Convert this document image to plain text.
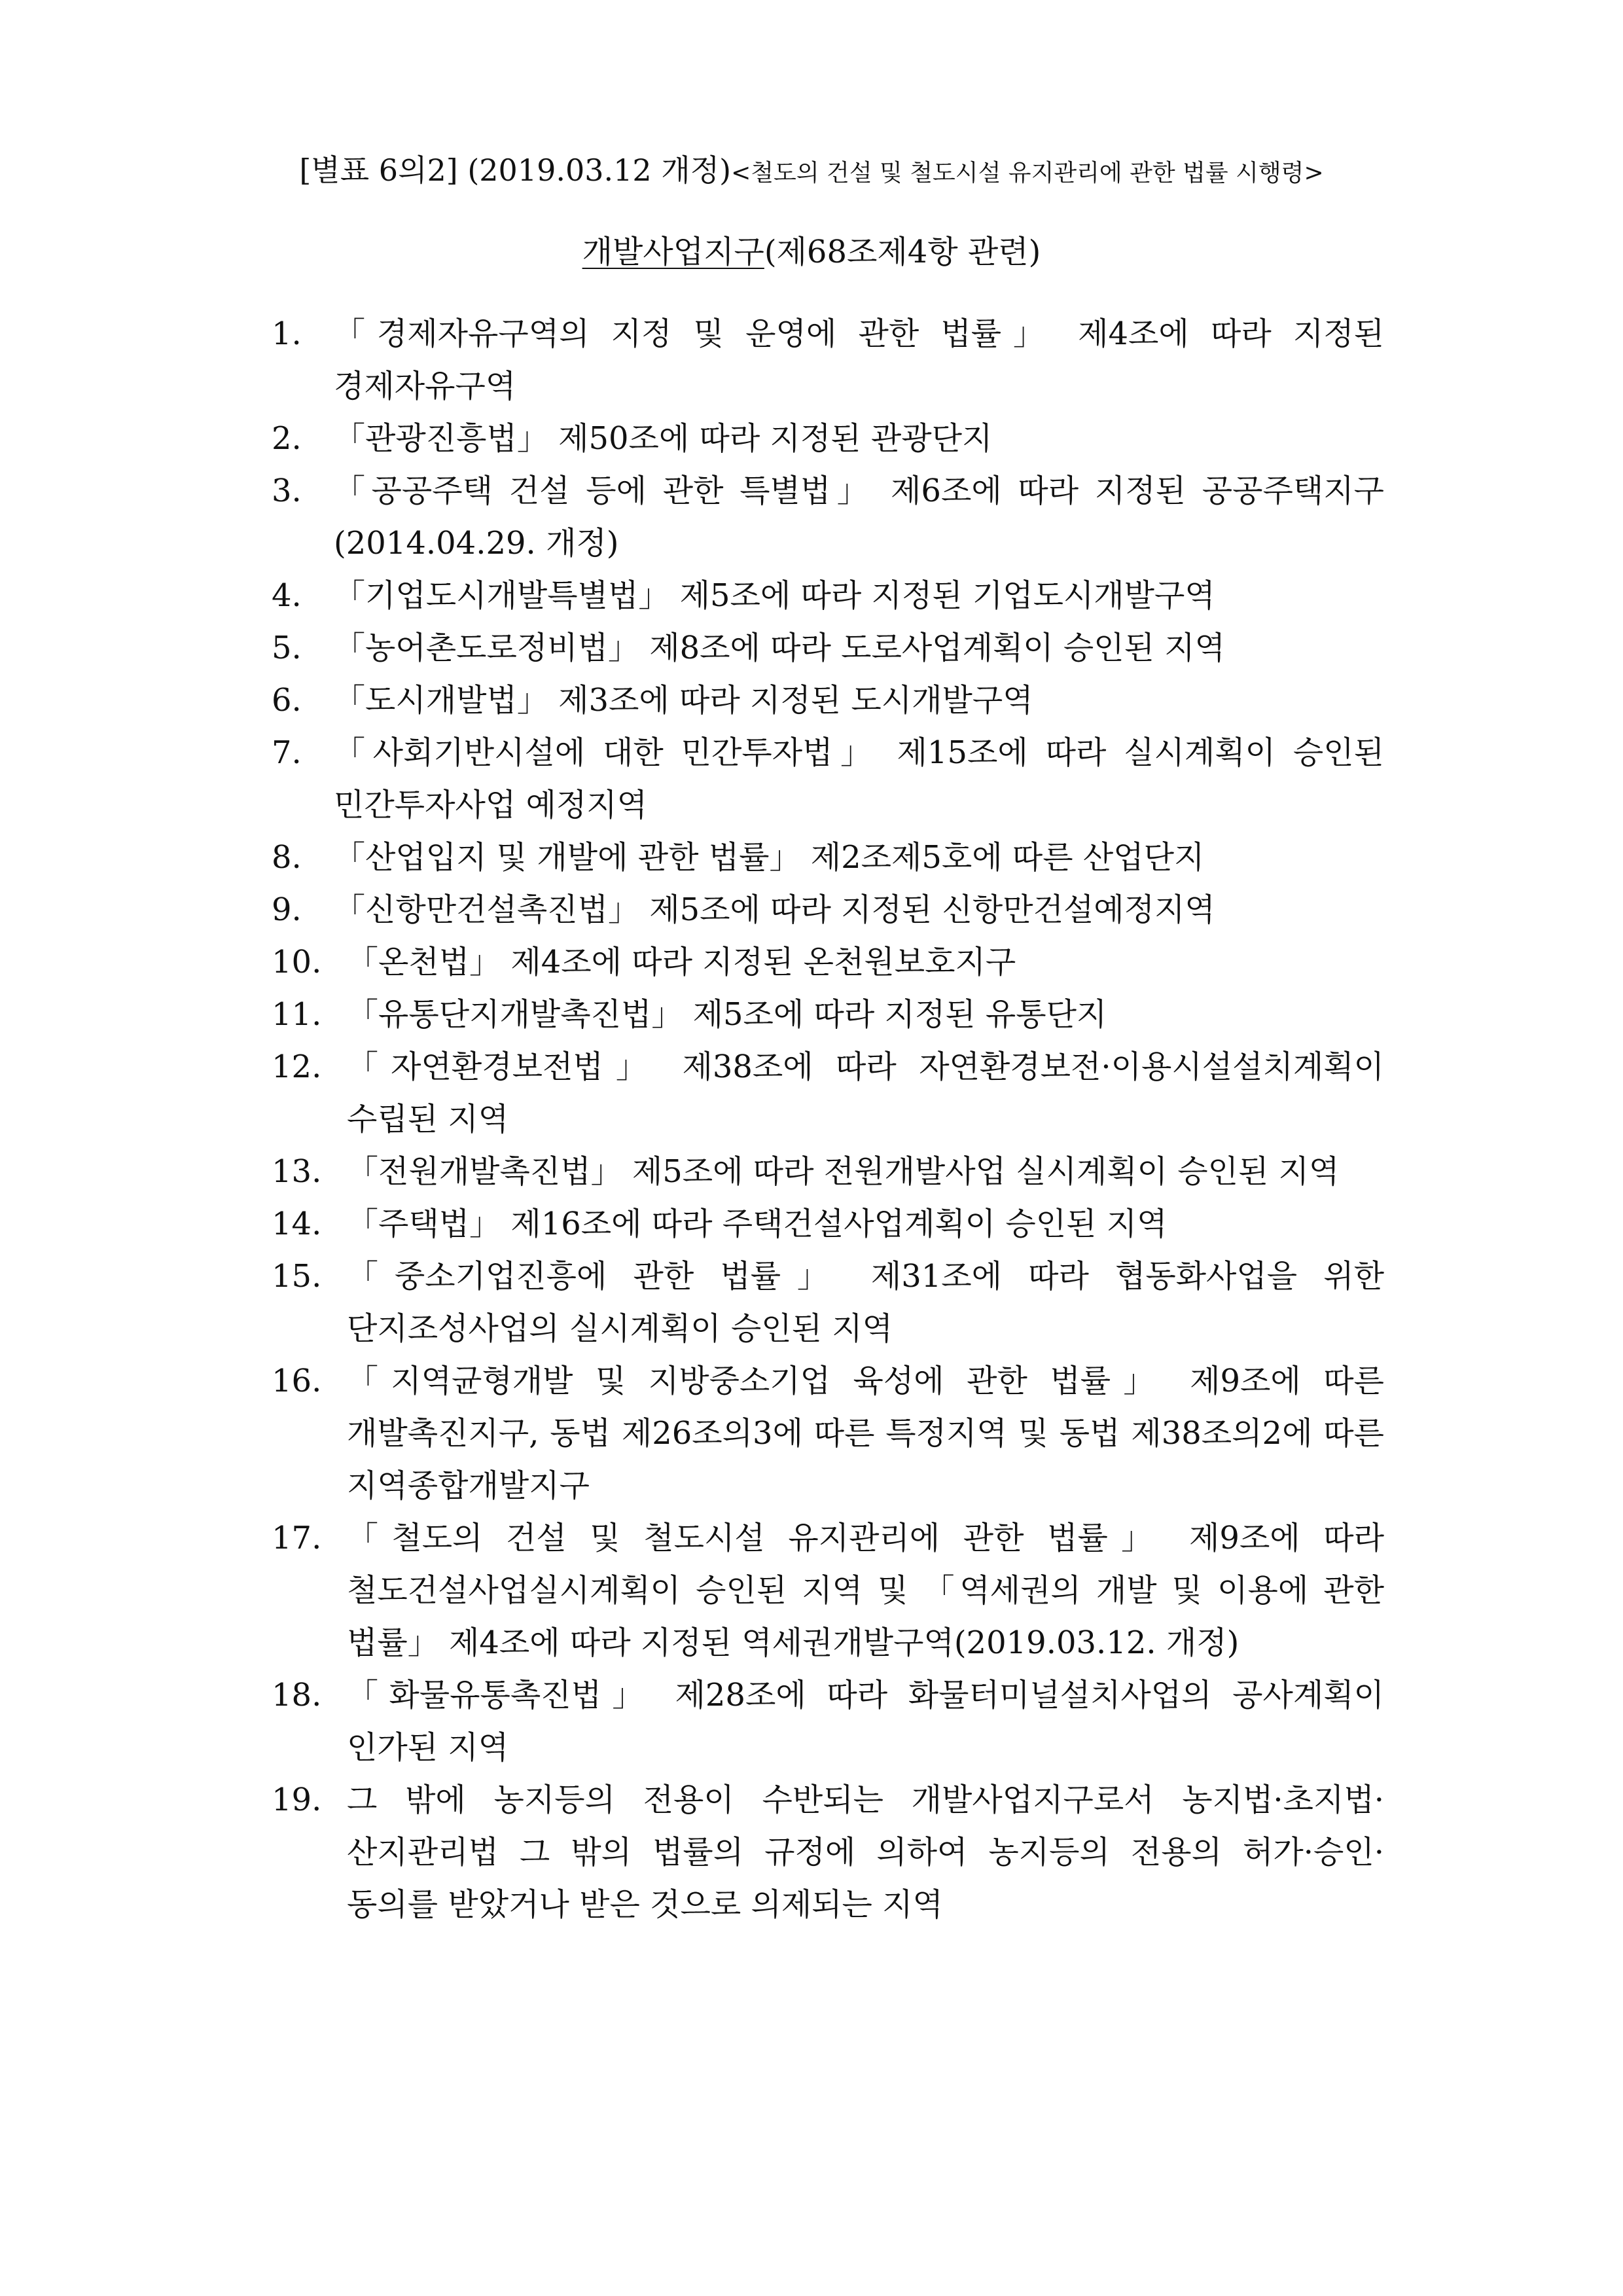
[별표 6의2] (2019.03.12 개정)<철도의 건설 및 철도시설 유지관리에 관한 법률 시행령>
개발사업지구(제68조제4항 관련)
1.	「경제자유구역의 지정 및 운영에 관한 법률」 제4조에 따라 지정된 경제자유구역
2.	「관광진흥법」 제50조에 따라 지정된 관광단지
3.	「공공주택 건설 등에 관한 특별법」 제6조에 따라 지정된 공공주택지구(2014.04.29. 개정)
4.	「기업도시개발특별법」 제5조에 따라 지정된 기업도시개발구역
5.	「농어촌도로정비법」 제8조에 따라 도로사업계획이 승인된 지역
6.	「도시개발법」 제3조에 따라 지정된 도시개발구역
7.	「사회기반시설에 대한 민간투자법」 제15조에 따라 실시계획이 승인된 민간투자사업 예정지역
8.	「산업입지 및 개발에 관한 법률」 제2조제5호에 따른 산업단지
9.	「신항만건설촉진법」 제5조에 따라 지정된 신항만건설예정지역
10. 「온천법」 제4조에 따라 지정된 온천원보호지구
11. 「유통단지개발촉진법」 제5조에 따라 지정된 유통단지
12. 「자연환경보전법」 제38조에 따라 자연환경보전·이용시설설치계획이 수립된 지역
13. 「전원개발촉진법」 제5조에 따라 전원개발사업 실시계획이 승인된 지역
14. 「주택법」 제16조에 따라 주택건설사업계획이 승인된 지역
15. 「중소기업진흥에 관한 법률」 제31조에 따라 협동화사업을 위한 단지조성사업의 실시계획이 승인된 지역
16. 「지역균형개발 및 지방중소기업 육성에 관한 법률」 제9조에 따른 개발촉진지구, 동법 제26조의3에 따른 특정지역 및 동법 제38조의2에 따른 지역종합개발지구
17. 「철도의 건설 및 철도시설 유지관리에 관한 법률」 제9조에 따라 철도건설사업실시계획이 승인된 지역 및 「역세권의 개발 및 이용에 관한 법률」 제4조에 따라 지정된 역세권개발구역(2019.03.12. 개정)
18. 「화물유통촉진법」 제28조에 따라 화물터미널설치사업의 공사계획이 인가된 지역
19. 그 밖에 농지등의 전용이 수반되는 개발사업지구로서 농지법·초지법·산지관리법 그 밖의 법률의 규정에 의하여 농지등의 전용의 허가·승인·동의를 받았거나 받은 것으로 의제되는 지역
